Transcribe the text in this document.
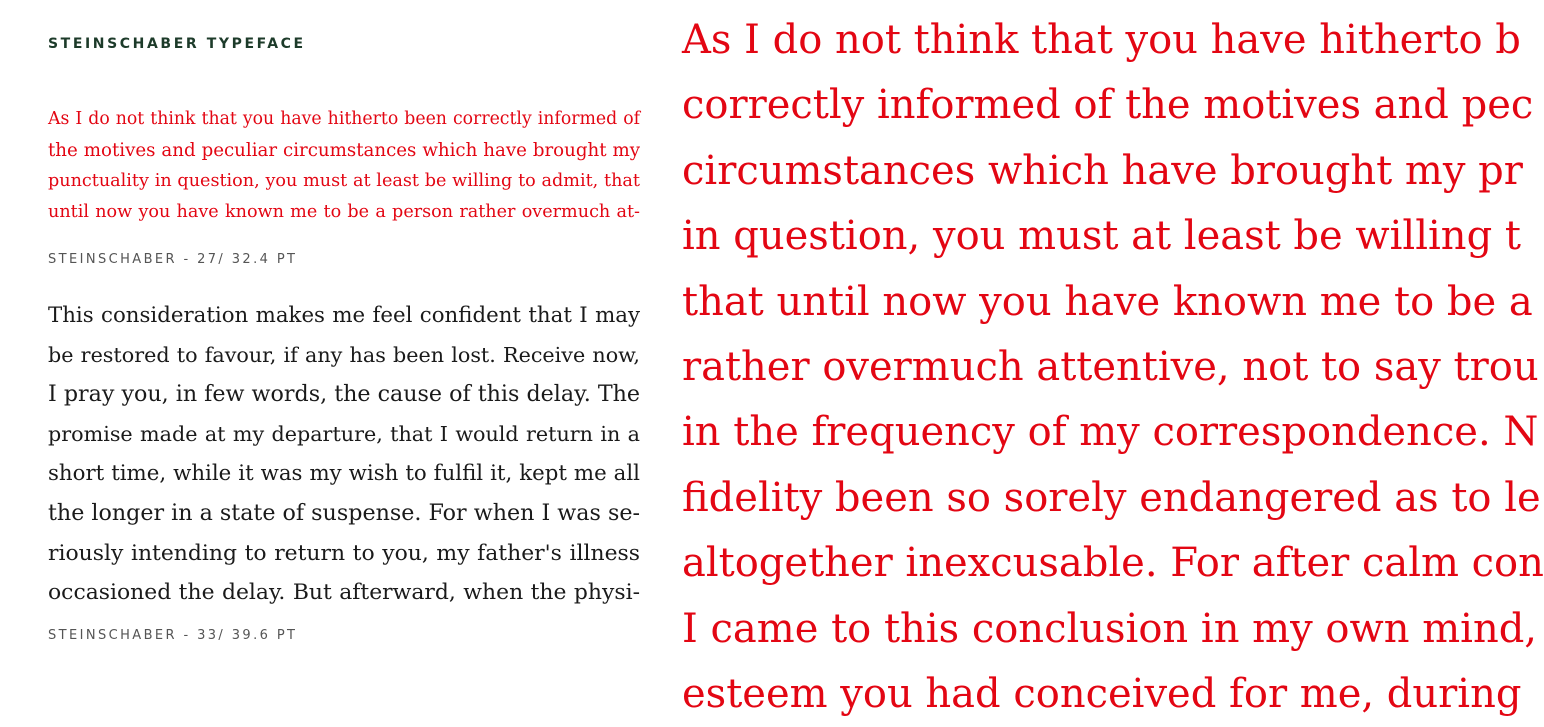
STEINSCHABER TYPEFACE
As I do not think that you have hitherto been correctly informed of
the motives and peculiar circumstances which have brought my
punctuality in question, you must at least be willing to admit, that
until now you have known me to be a person rather overmuch at-
STEINSCHABER - 27/ 32.4 PT
This consideration makes me feel confident that I may
be restored to favour, if any has been lost. Receive now,
I pray you, in few words, the cause of this delay. The
promise made at my departure, that I would return in a
short time, while it was my wish to fulfil it, kept me all
the longer in a state of suspense. For when I was se-
riously intending to return to you, my father's illness
occasioned the delay. But afterward, when the physi-
STEINSCHABER - 33/ 39.6 PT
As I do not think that you have hitherto b
correctly informed of the motives and pec
circumstances which have brought my pr
in question, you must at least be willing t
that until now you have known me to be a
rather overmuch attentive, not to say trou
in the frequency of my correspondence. N
fidelity been so sorely endangered as to le
altogether inexcusable. For after calm con
I came to this conclusion in my own mind,
esteem you had conceived for me, during
